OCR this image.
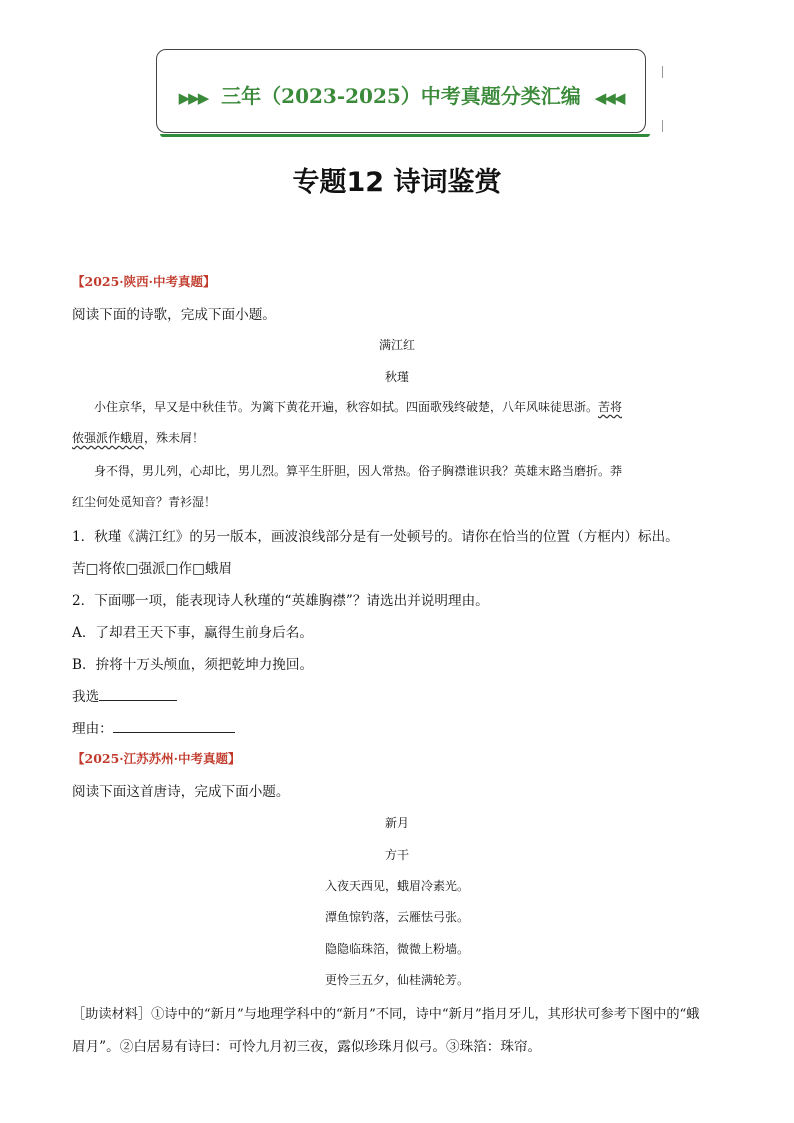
▶▶▶ 三年（2023-2025）中考真题分类汇编 ◀◀◀
专题12 诗词鉴赏
【2025·陕西·中考真题】
阅读下面的诗歌，完成下面小题。
满江红
秋瑾
小住京华，早又是中秋佳节。为篱下黄花开遍，秋容如拭。四面歌残终破楚，八年风味徒思浙。苦将
侬强派作蛾眉，殊未屑！
身不得，男儿列，心却比，男儿烈。算平生肝胆，因人常热。俗子胸襟谁识我？英雄末路当磨折。莽
红尘何处觅知音？青衫湿！
1．秋瑾《满江红》的另一版本，画波浪线部分是有一处顿号的。请你在恰当的位置（方框内）标出。
苦□将侬□强派□作□蛾眉
2．下面哪一项，能表现诗人秋瑾的“英雄胸襟”？请选出并说明理由。
A．了却君王天下事，赢得生前身后名。
B．拚将十万头颅血，须把乾坤力挽回。
我选
理由：
【2025·江苏苏州·中考真题】
阅读下面这首唐诗，完成下面小题。
新月
方干
入夜天西见，蛾眉冷素光。
潭鱼惊钓落，云雁怯弓张。
隐隐临珠箔，微微上粉墙。
更怜三五夕，仙桂满轮芳。
［助读材料］①诗中的“新月”与地理学科中的“新月”不同，诗中“新月”指月牙儿，其形状可参考下图中的“蛾
眉月”。②白居易有诗曰：可怜九月初三夜，露似珍珠月似弓。③珠箔：珠帘。
